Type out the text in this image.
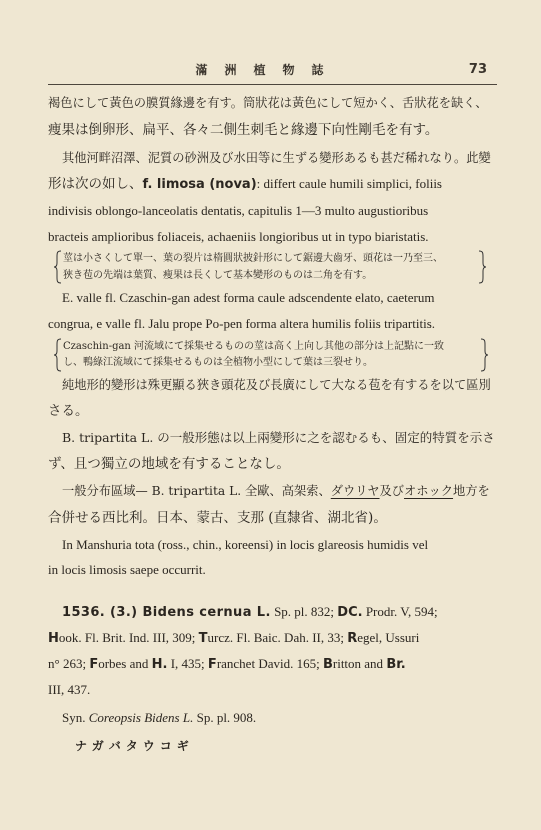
滿洲植物誌	73
褐色にして黃色の膜質緣邊を有す。筒狀花は黃色にして短かく、舌狀花を缺く、
痩果は倒卵形、扁平、各々二側生刺毛と緣邊下向性剛毛を有す。
其他河畔沼澤、泥質の砂洲及び水田等に生ずる變形あるも甚だ稀れなり。此變
形は次の如し、f. limosa (nova): differt caule humili simplici, foliis
indivisis oblongo-lanceolatis dentatis, capitulis 1—3 multo augustioribus
bracteis amplioribus foliaceis, achaeniis longioribus ut in typo biaristatis.
莖は小さくして單一、葉の裂片は楕圓狀披針形にして鋸邊大齒牙、頭花は一乃至三、
狹き苞の先端は葉質、痩果は長くして基本變形のものは二角を有す。
E. valle fl. Czaschin-gan adest forma caule adscendente elato, caeterum
congrua, e valle fl. Jalu prope Po-pen forma altera humilis foliis tripartitis.
Czaschin-gan 河流域にて採集せるものの莖は高く上向し其他の部分は上記點に一致
し、鴨綠江流域にて採集せるものは全植物小型にして葉は三裂せり。
純地形的變形は殊更顯る狹き頭花及び長廣にして大なる苞を有するを以て區別
さる。
B. tripartita L. の一般形態は以上兩變形に之を認むるも、固定的特質を示さ
ず、且つ獨立の地域を有することなし。
一般分布區域— B. tripartita L. 全歐、高架索、ダウリヤ及びオホック地方を
合併せる西比利。日本、蒙古、支那 (直隸省、湖北省)。
In Manshuria tota (ross., chin., koreensi) in locis glareosis humidis vel
in locis limosis saepe occurrit.
1536. (3.) Bidens cernua L. Sp. pl. 832; DC. Prodr. V, 594;
Hook. Fl. Brit. Ind. III, 309; Turcz. Fl. Baic. Dah. II, 33; Regel, Ussuri
n° 263; Forbes and H. I, 435; Franchet David. 165; Britton and Br.
III, 437.
Syn. Coreopsis Bidens L. Sp. pl. 908.
ナガバタウコギ
